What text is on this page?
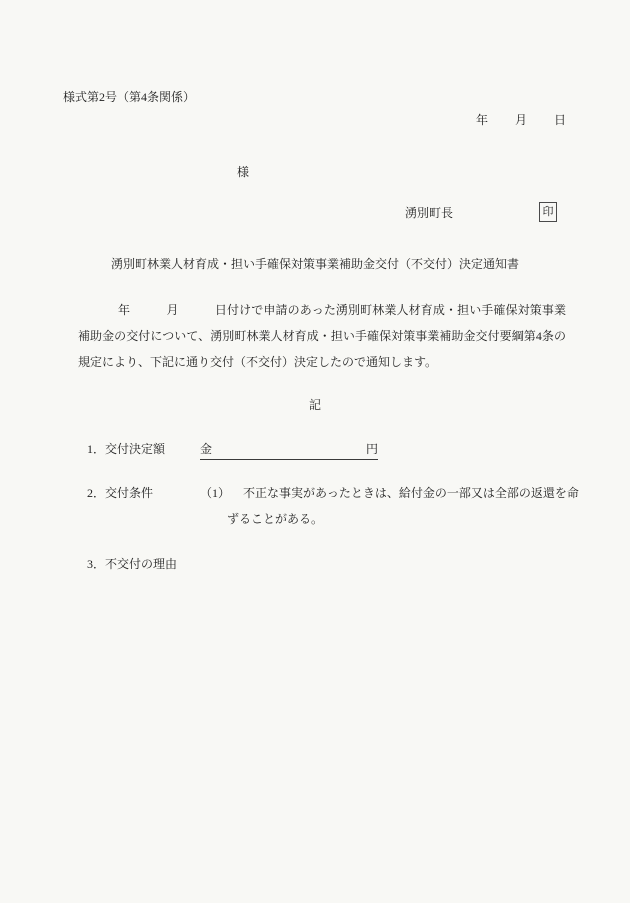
様式第2号（第4条関係）
年　　月　　日
様
湧別町長	印
湧別町林業人材育成・担い手確保対策事業補助金交付（不交付）決定通知書
年　　　月　　　日付けで申請のあった湧別町林業人材育成・担い手確保対策事業補助金の交付について、湧別町林業人材育成・担い手確保対策事業補助金交付要綱第4条の規定により、下記に通り交付（不交付）決定したので通知します。
記
1．交付決定額	金	円
2．交付条件	（1） 不正な事実があったときは、給付金の一部又は全部の返還を命ずることがある。
3．不交付の理由
